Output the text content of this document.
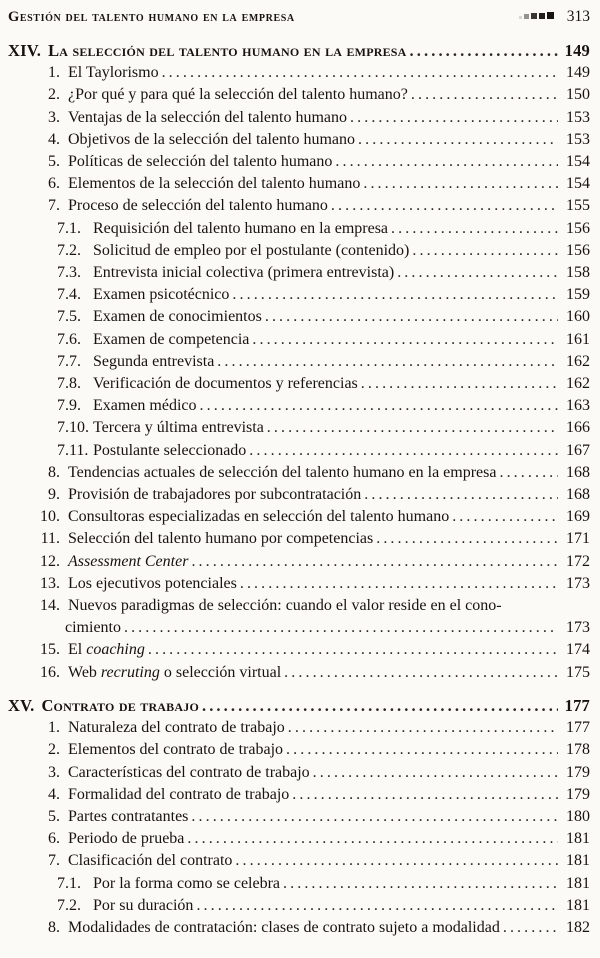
Gestión del talento humano en la empresa	313
XIV. La selección del talento humano en la empresa .....	149
1. El Taylorismo .....	149
2. ¿Por qué y para qué la selección del talento humano? .....	150
3. Ventajas de la selección del talento humano .....	153
4. Objetivos de la selección del talento humano .....	153
5. Políticas de selección del talento humano .....	154
6. Elementos de la selección del talento humano .....	154
7. Proceso de selección del talento humano .....	155
7.1. Requisición del talento humano en la empresa .....	156
7.2. Solicitud de empleo por el postulante (contenido) .....	156
7.3. Entrevista inicial colectiva (primera entrevista) .....	158
7.4. Examen psicotécnico .....	159
7.5. Examen de conocimientos .....	160
7.6. Examen de competencia .....	161
7.7. Segunda entrevista .....	162
7.8. Verificación de documentos y referencias .....	162
7.9. Examen médico .....	163
7.10. Tercera y última entrevista .....	166
7.11. Postulante seleccionado .....	167
8. Tendencias actuales de selección del talento humano en la empresa .....	168
9. Provisión de trabajadores por subcontratación .....	168
10. Consultoras especializadas en selección del talento humano .....	169
11. Selección del talento humano por competencias .....	171
12. Assessment Center .....	172
13. Los ejecutivos potenciales .....	173
14. Nuevos paradigmas de selección: cuando el valor reside en el cono-
cimiento .....	173
15. El coaching .....	174
16. Web recruting o selección virtual .....	175
XV. Contrato de trabajo .....	177
1. Naturaleza del contrato de trabajo .....	177
2. Elementos del contrato de trabajo .....	178
3. Características del contrato de trabajo .....	179
4. Formalidad del contrato de trabajo .....	179
5. Partes contratantes .....	180
6. Periodo de prueba .....	181
7. Clasificación del contrato .....	181
7.1. Por la forma como se celebra .....	181
7.2. Por su duración .....	181
8. Modalidades de contratación: clases de contrato sujeto a modalidad .....	182
